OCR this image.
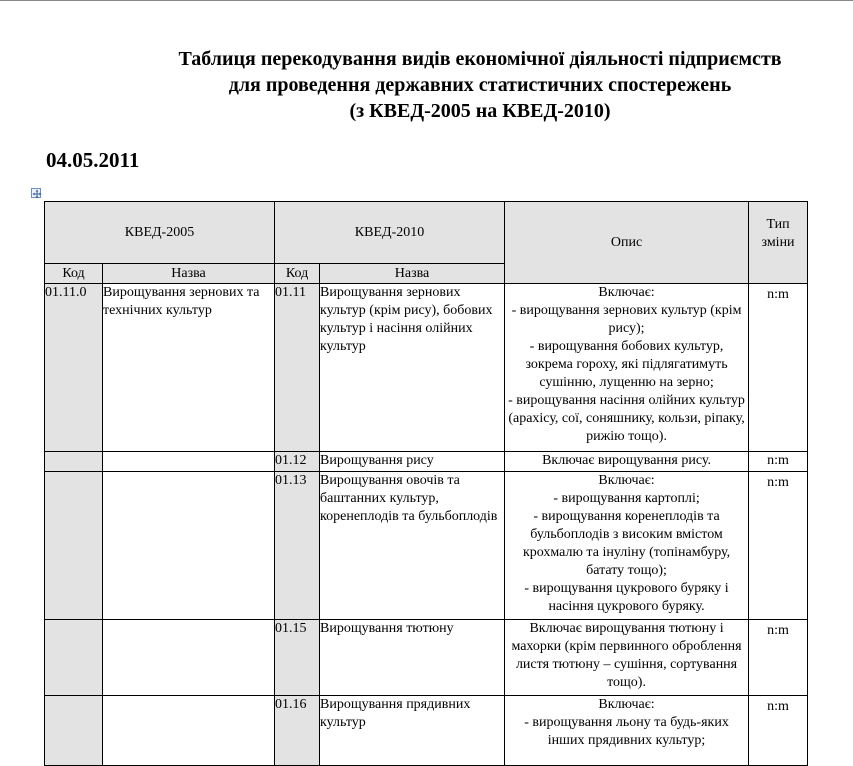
Таблиця перекодування видів економічної діяльності підприємств
для проведення державних статистичних спостережень
(з КВЕД-2005 на КВЕД-2010)
04.05.2011
КВЕД-2005		КВЕД-2010		Опис	Тип зміни
Код	Назва	Код	Назва		
01.11.0	Вирощування зернових та технічних культур	01.11	Вирощування зернових культур (крім рису), бобових культур і насіння олійних культур	Включає:
- вирощування зернових культур (крім рису);
- вирощування бобових культур, зокрема гороху, які підлягатимуть сушінню, лущенню на зерно;
- вирощування насіння олійних культур (арахісу, сої, соняшнику, кользи, ріпаку, рижію тощо).	n:m
		01.12	Вирощування рису	Включає вирощування рису.	n:m
		01.13	Вирощування овочів та баштанних культур, коренеплодів та бульбоплодів	Включає:
- вирощування картоплі;
- вирощування коренеплодів та бульбоплодів з високим вмістом крохмалю та інуліну (топінамбуру, батату тощо);
- вирощування цукрового буряку і насіння цукрового буряку.	n:m
		01.15	Вирощування тютюну	Включає вирощування тютюну і махорки (крім первинного оброблення листя тютюну – сушіння, сортування тощо).	n:m
		01.16	Вирощування прядивних культур	Включає:
- вирощування льону та будь-яких інших прядивних культур;	n:m
